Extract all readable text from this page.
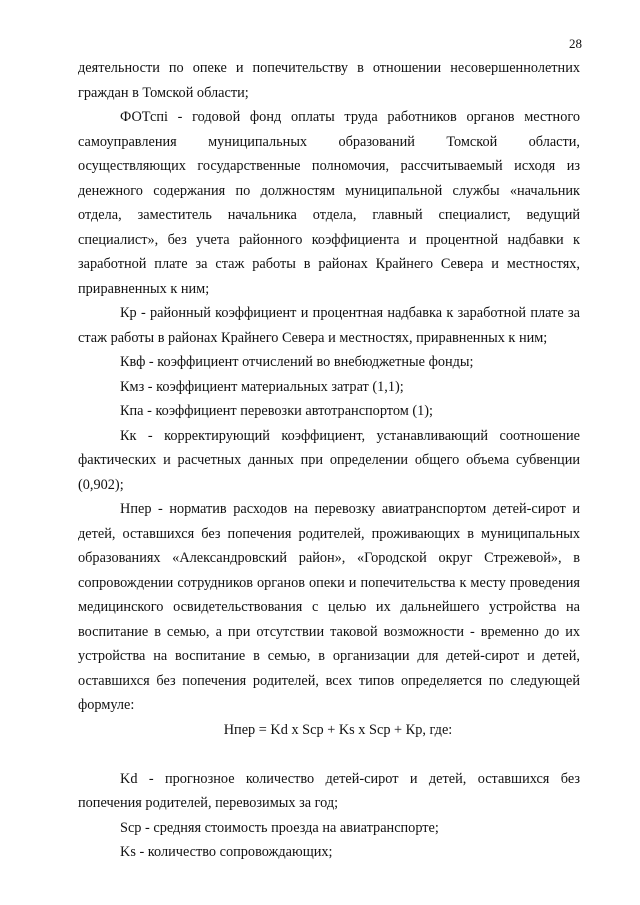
28

деятельности по опеке и попечительству в отношении несовершеннолетних граждан в Томской области;

ФОТспi - годовой фонд оплаты труда работников органов местного самоуправления муниципальных образований Томской области, осуществляющих государственные полномочия, рассчитываемый исходя из денежного содержания по должностям муниципальной службы «начальник отдела, заместитель начальника отдела, главный специалист, ведущий специалист», без учета районного коэффициента и процентной надбавки к заработной плате за стаж работы в районах Крайнего Севера и местностях, приравненных к ним;

Кр - районный коэффициент и процентная надбавка к заработной плате за стаж работы в районах Крайнего Севера и местностях, приравненных к ним;

Квф - коэффициент отчислений во внебюджетные фонды;

Кмз - коэффициент материальных затрат (1,1);

Кпа - коэффициент перевозки автотранспортом (1);

Кк - корректирующий коэффициент, устанавливающий соотношение фактических и расчетных данных при определении общего объема субвенции (0,902);

Нпер - норматив расходов на перевозку авиатранспортом детей-сирот и детей, оставшихся без попечения родителей, проживающих в муниципальных образованиях «Александровский район», «Городской округ Стрежевой», в сопровождении сотрудников органов опеки и попечительства к месту проведения медицинского освидетельствования с целью их дальнейшего устройства на воспитание в семью, а при отсутствии таковой возможности - временно до их устройства на воспитание в семью, в организации для детей-сирот и детей, оставшихся без попечения родителей, всех типов определяется по следующей формуле:

Нпер = Kd x Scp + Ks x Scp + Кр, где:

Kd - прогнозное количество детей-сирот и детей, оставшихся без попечения родителей, перевозимых за год;

Scp - средняя стоимость проезда на авиатранспорте;

Ks - количество сопровождающих;
